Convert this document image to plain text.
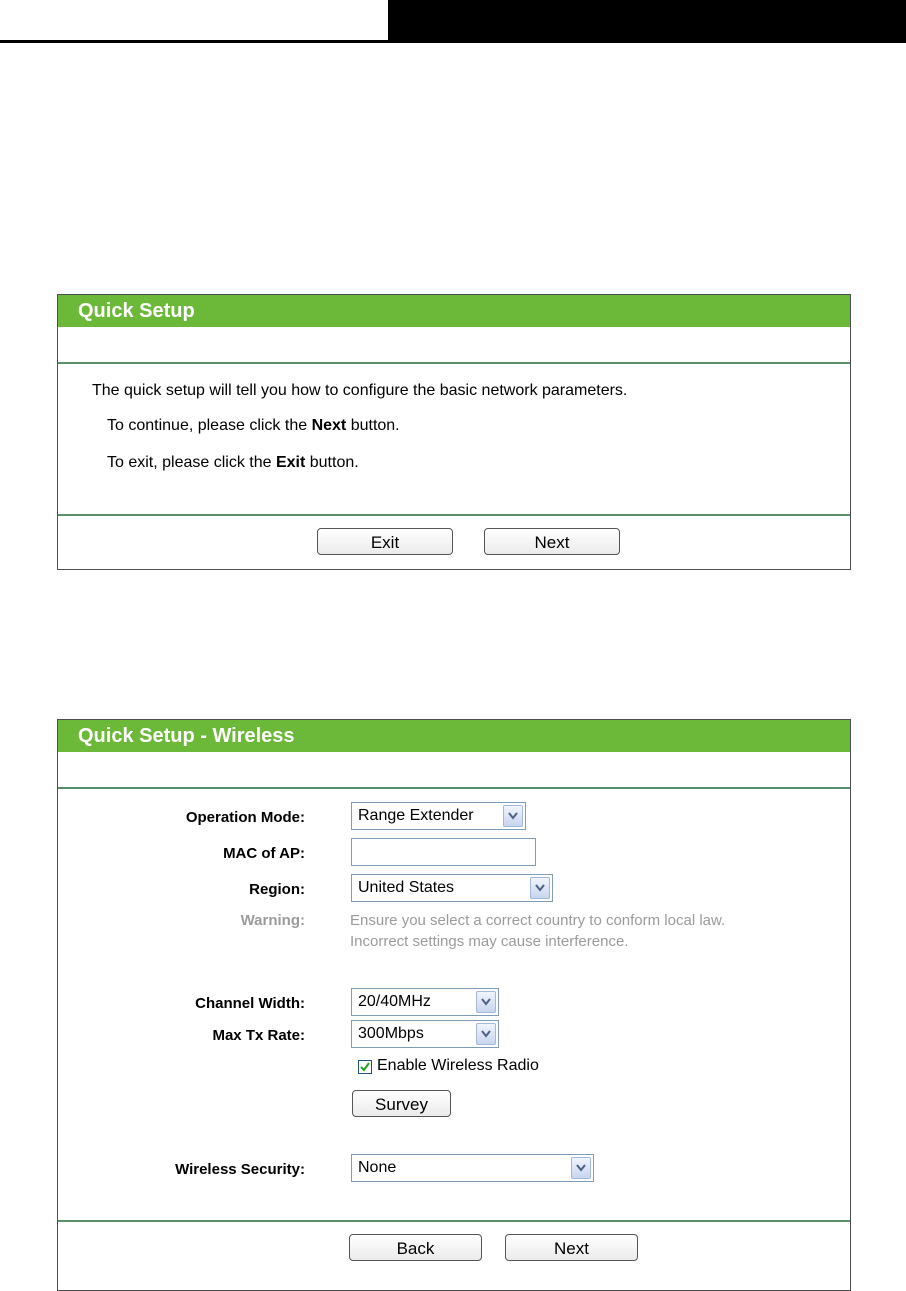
Quick Setup
The quick setup will tell you how to configure the basic network parameters.
To continue, please click the Next button.
To exit, please click the Exit button.
Exit	Next
Quick Setup - Wireless
Operation Mode:	Range Extender
MAC of AP:
Region:	United States
Warning:	Ensure you select a correct country to conform local law.
Incorrect settings may cause interference.
Channel Width:	20/40MHz
Max Tx Rate:	300Mbps
Enable Wireless Radio
Survey
Wireless Security:	None
Back	Next
